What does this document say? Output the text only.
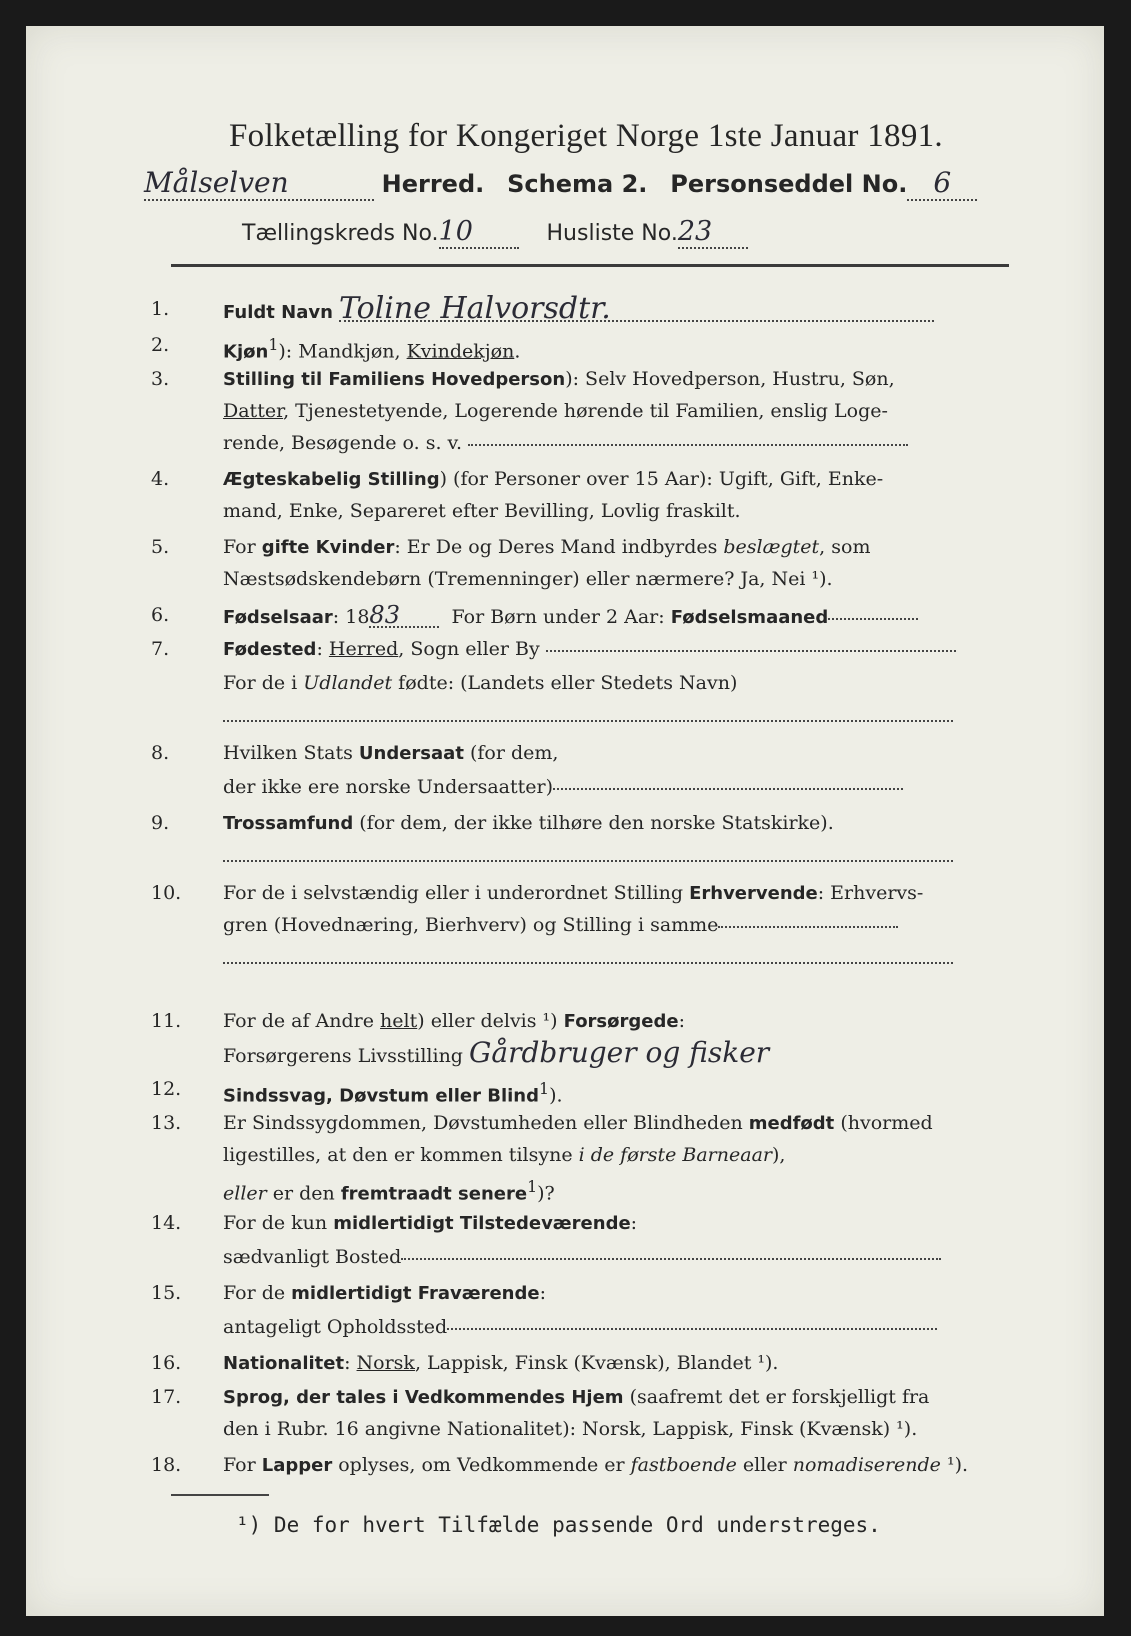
Folketælling for Kongeriget Norge 1ste Januar 1891.
Målselven	Herred. Schema 2. Personseddel No. 6
Tællingskreds No.10	Husliste No.23
1.	Fuldt Navn Toline Halvorsdtr.
2.	Kjøn$^1$): Mandkjøn, Kvindekjøn.
3.	Stilling til Familiens Hovedperson): Selv Hovedperson, Hustru, Søn,
Datter, Tjenestetyende, Logerende hørende til Familien, enslig Loge-
rende, Besøgende o. s. v.
4.	Ægteskabelig Stilling) (for Personer over 15 Aar): Ugift, Gift, Enke-
mand, Enke, Separeret efter Bevilling, Lovlig fraskilt.
5.	For gifte Kvinder: Er De og Deres Mand indbyrdes beslægtet, som
Næstsødskendebørn (Tremenninger) eller nærmere? Ja, Nei ¹).
6.	Fødselsaar: 1883	For Børn under 2 Aar: Fødselsmaaned
7.	Fødested: Herred, Sogn eller By
For de i Udlandet fødte: (Landets eller Stedets Navn)
8.	Hvilken Stats Undersaat (for dem,
der ikke ere norske Undersaatter)
9.	Trossamfund (for dem, der ikke tilhøre den norske Statskirke).
10.	For de i selvstændig eller i underordnet Stilling Erhvervende: Erhvervs-
gren (Hovednæring, Bierhverv) og Stilling i samme
11.	For de af Andre helt) eller delvis ¹) Forsørgede:
Forsørgerens Livsstilling Gårdbruger og fisker
12.	Sindssvag, Døvstum eller Blind$^1$).
13.	Er Sindssygdommen, Døvstumheden eller Blindheden medfødt (hvormed
ligestilles, at den er kommen tilsyne i de første Barneaar),
eller er den fremtraadt senere$^1$)?
14.	For de kun midlertidigt Tilstedeværende:
sædvanligt Bosted
15.	For de midlertidigt Fraværende:
antageligt Opholdssted
16.	Nationalitet: Norsk, Lappisk, Finsk (Kvænsk), Blandet ¹).
17.	Sprog, der tales i Vedkommendes Hjem (saafremt det er forskjelligt fra
den i Rubr. 16 angivne Nationalitet): Norsk, Lappisk, Finsk (Kvænsk) ¹).
18.	For Lapper oplyses, om Vedkommende er fastboende eller nomadiserende ¹).
¹) De for hvert Tilfælde passende Ord understreges.
